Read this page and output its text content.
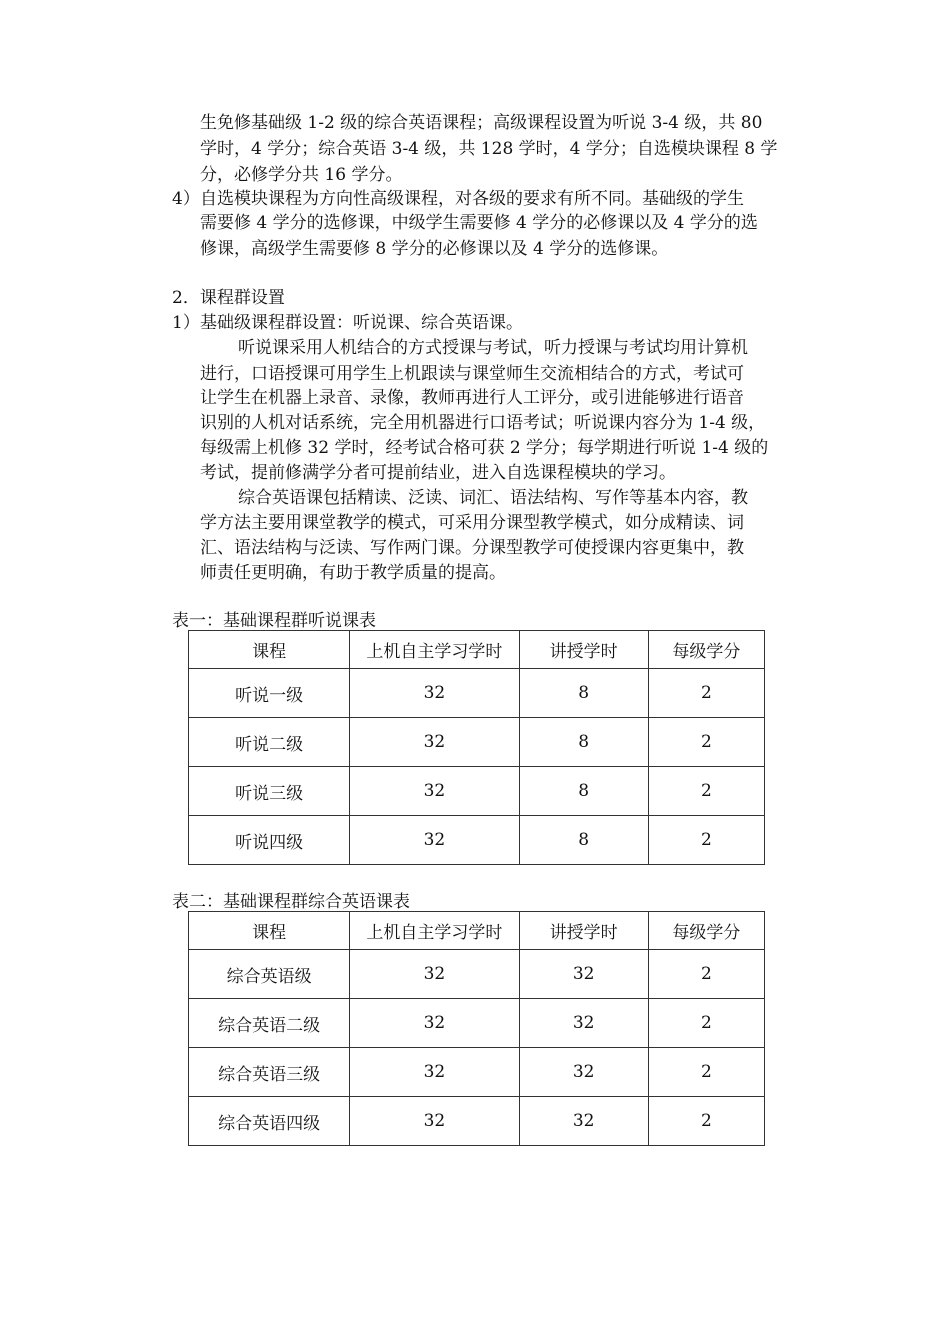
生免修基础级 1-2 级的综合英语课程；高级课程设置为听说 3-4 级，共 80
学时，4 学分；综合英语 3-4 级，共 128 学时，4 学分；自选模块课程 8 学
分，必修学分共 16 学分。
4） 自选模块课程为方向性高级课程，对各级的要求有所不同。基础级的学生
需要修 4 学分的选修课，中级学生需要修 4 学分的必修课以及 4 学分的选
修课，高级学生需要修 8 学分的必修课以及 4 学分的选修课。
2．课程群设置
1） 基础级课程群设置：听说课、综合英语课。
听说课采用人机结合的方式授课与考试，听力授课与考试均用计算机
进行，口语授课可用学生上机跟读与课堂师生交流相结合的方式，考试可
让学生在机器上录音、录像，教师再进行人工评分，或引进能够进行语音
识别的人机对话系统，完全用机器进行口语考试；听说课内容分为 1-4 级，
每级需上机修 32 学时，经考试合格可获 2 学分；每学期进行听说 1-4 级的
考试，提前修满学分者可提前结业，进入自选课程模块的学习。
综合英语课包括精读、泛读、词汇、语法结构、写作等基本内容，教
学方法主要用课堂教学的模式，可采用分课型教学模式，如分成精读、词
汇、语法结构与泛读、写作两门课。分课型教学可使授课内容更集中，教
师责任更明确，有助于教学质量的提高。
表一：基础课程群听说课表
课程	上机自主学习学时	讲授学时	每级学分
听说一级	32	8	2
听说二级	32	8	2
听说三级	32	8	2
听说四级	32	8	2
表二：基础课程群综合英语课表
课程	上机自主学习学时	讲授学时	每级学分
综合英语级	32	32	2
综合英语二级	32	32	2
综合英语三级	32	32	2
综合英语四级	32	32	2
